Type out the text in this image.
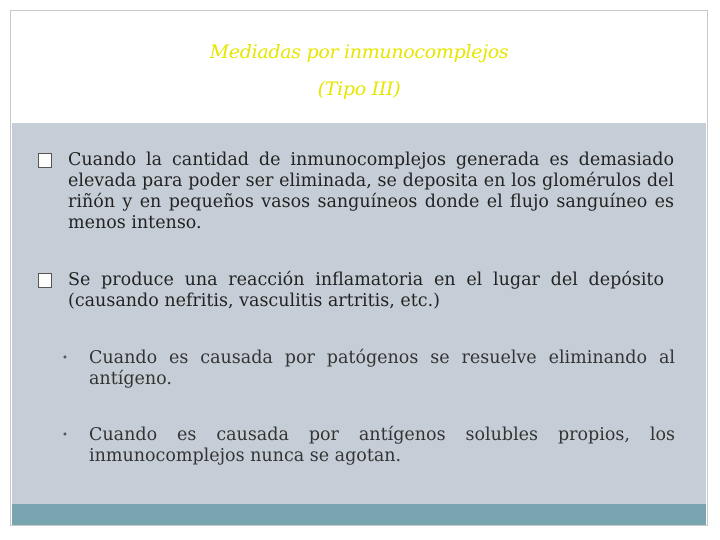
Mediadas por inmunocomplejos
(Tipo III)
Cuando la cantidad de inmunocomplejos generada es demasiado elevada para poder ser eliminada, se deposita en los glomérulos del riñón y en pequeños vasos sanguíneos donde el flujo sanguíneo es menos intenso.
Se produce una reacción inflamatoria en el lugar del depósito (causando nefritis, vasculitis artritis, etc.)
• Cuando es causada por patógenos se resuelve eliminando al antígeno.
• Cuando es causada por antígenos solubles propios, los inmunocomplejos nunca se agotan.
